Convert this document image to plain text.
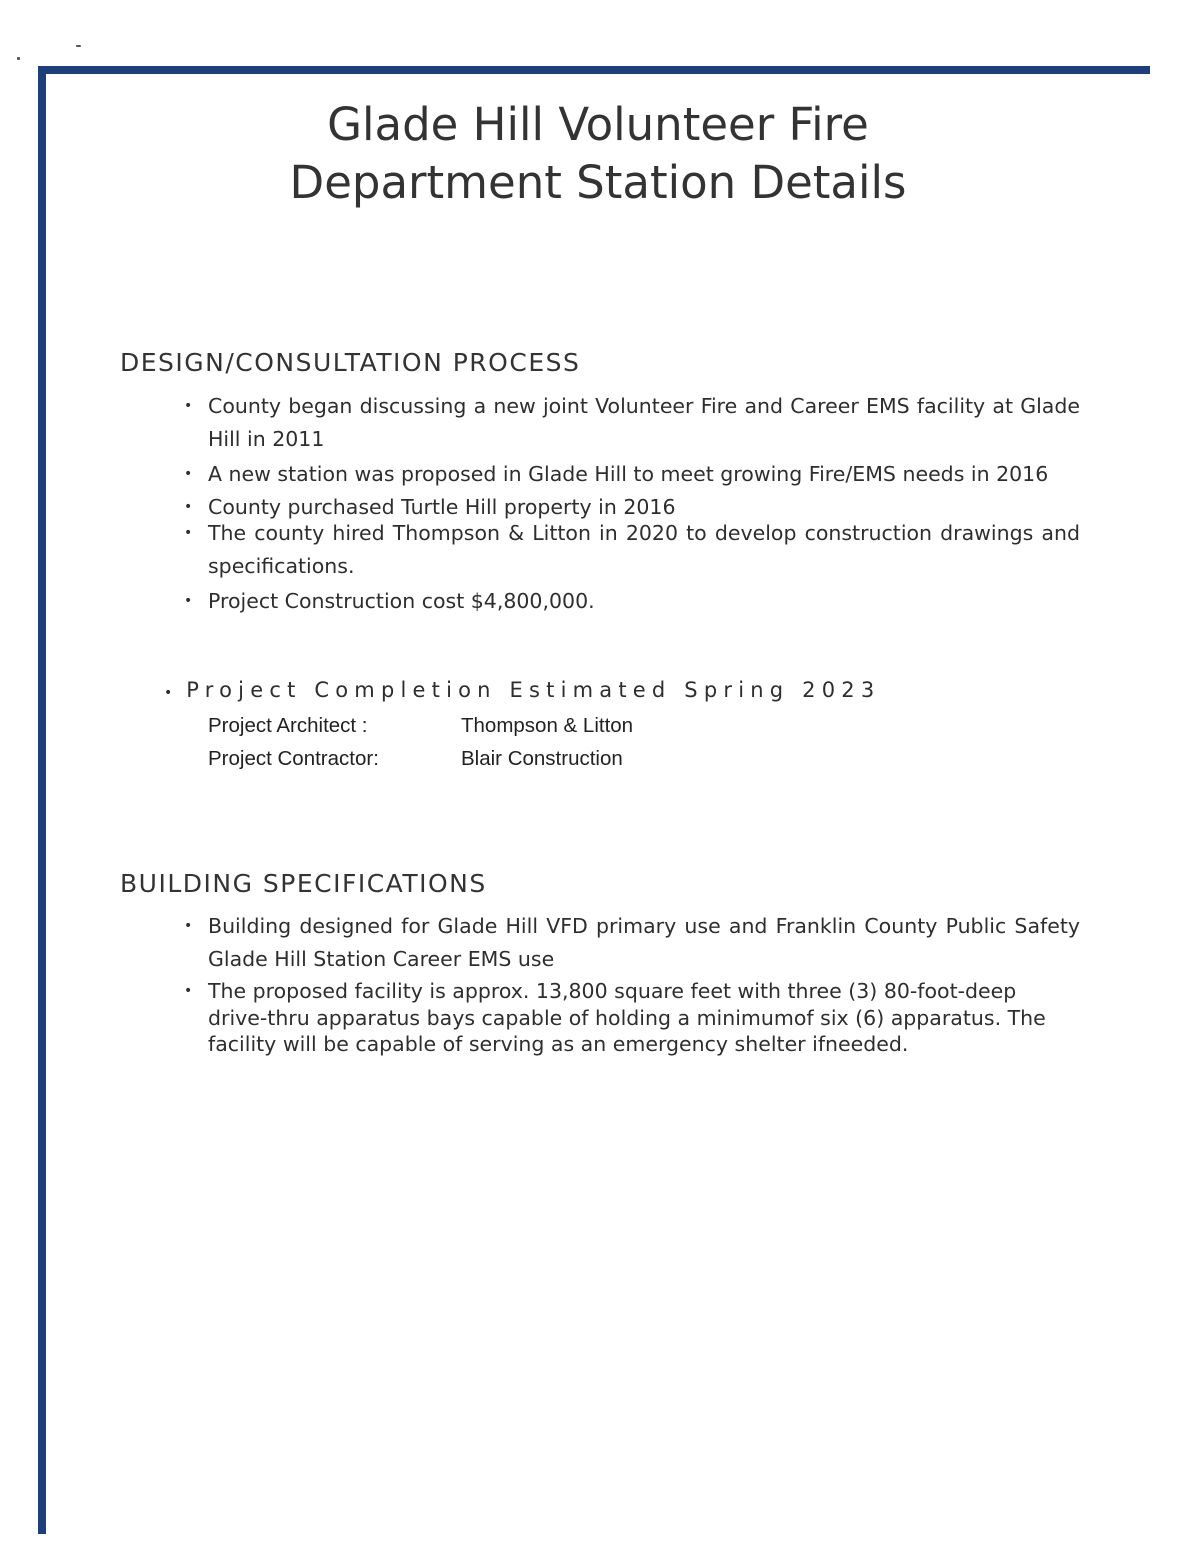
Glade Hill Volunteer Fire
Department Station Details
DESIGN/CONSULTATION PROCESS
• County began discussing a new joint Volunteer Fire and Career EMS facility at Glade Hill in 2011
• A new station was proposed in Glade Hill to meet growing Fire/EMS needs in 2016
• County purchased Turtle Hill property in 2016
• The county hired Thompson & Litton in 2020 to develop construction drawings and specifications.
• Project Construction cost $4,800,000.
• Project Completion Estimated Spring 2023
Project Architect :	Thompson & Litton
Project Contractor:	Blair Construction
BUILDING SPECIFICATIONS
• Building designed for Glade Hill VFD primary use and Franklin County Public Safety Glade Hill Station Career EMS use
• The proposed facility is approx. 13,800 square feet with three (3) 80-foot-deep drive-thru apparatus bays capable of holding a minimumof six (6) apparatus. The facility will be capable of serving as an emergency shelter ifneeded.
